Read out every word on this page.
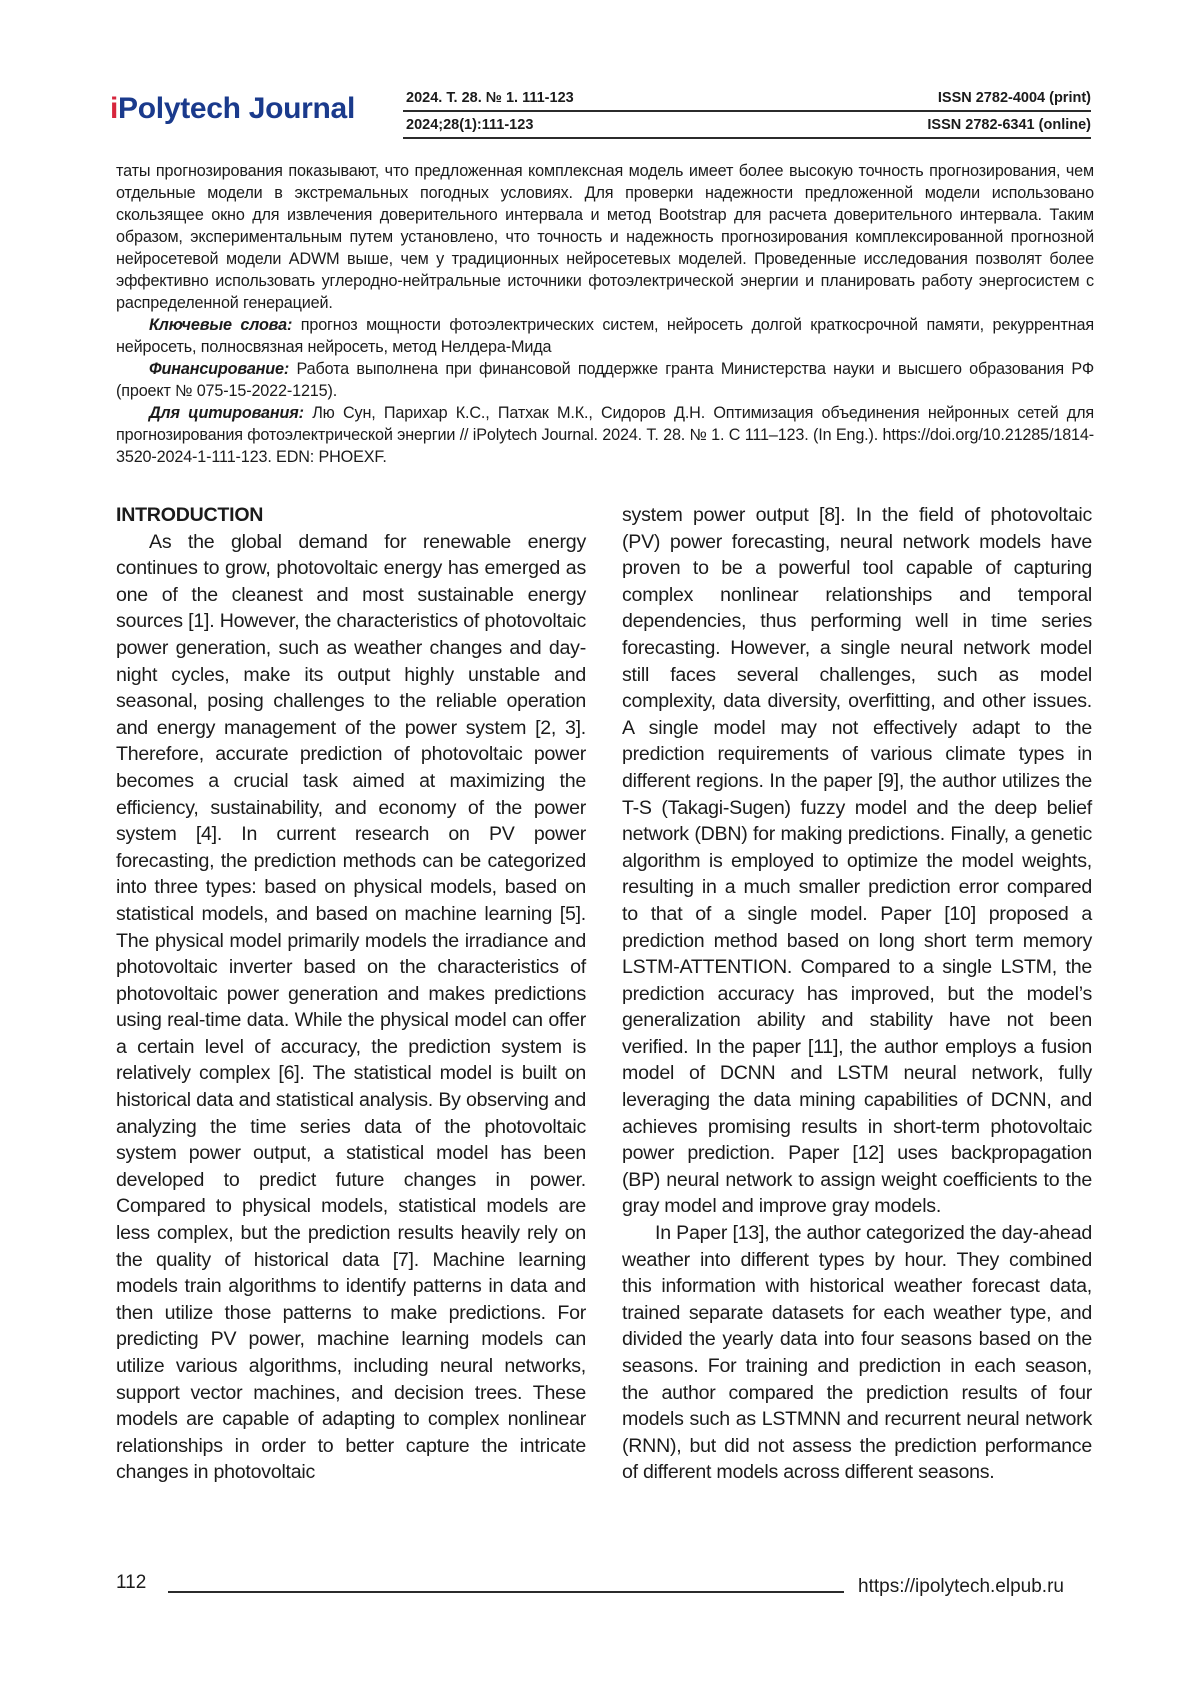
iPolytech Journal	2024. Т. 28. № 1. 111-123
2024;28(1):111-123
ISSN 2782-4004 (print)
ISSN 2782-6341 (online)

таты прогнозирования показывают, что предложенная комплексная модель имеет более высокую точность прогнозирования, чем отдельные модели в экстремальных погодных условиях. Для проверки надежности предложенной модели использовано скользящее окно для извлечения доверительного интервала и метод Bootstrap для расчета доверительного интервала. Таким образом, экспериментальным путем установлено, что точность и надежность прогнозирования комплексированной прогнозной нейросетевой модели ADWM выше, чем у традиционных нейросетевых моделей. Проведенные исследования позволят более эффективно использовать углеродно-нейтральные источники фотоэлектрической энергии и планировать работу энергосистем с распределенной генерацией.

Ключевые слова: прогноз мощности фотоэлектрических систем, нейросеть долгой краткосрочной памяти, рекуррентная нейросеть, полносвязная нейросеть, метод Нелдера-Мида

Финансирование: Работа выполнена при финансовой поддержке гранта Министерства науки и высшего образования РФ (проект № 075-15-2022-1215).

Для цитирования: Лю Сун, Парихар К.С., Патхак М.К., Сидоров Д.Н. Оптимизация объединения нейронных сетей для прогнозирования фотоэлектрической энергии // iPolytech Journal. 2024. Т. 28. № 1. С 111–123. (In Eng.). https://doi.org/10.21285/1814-3520-2024-1-111-123. EDN: PHOEXF.

INTRODUCTION

As the global demand for renewable energy continues to grow, photovoltaic energy has emerged as one of the cleanest and most sustainable energy sources [1]. However, the characteristics of photovoltaic power generation, such as weather changes and day-night cycles, make its output highly unstable and seasonal, posing challenges to the reliable operation and energy management of the power system [2, 3]. Therefore, accurate prediction of photovoltaic power becomes a crucial task aimed at maximizing the efficiency, sustainability, and economy of the power system [4]. In current research on PV power forecasting, the prediction methods can be categorized into three types: based on physical models, based on statistical models, and based on machine learning [5]. The physical model primarily models the irradiance and photovoltaic inverter based on the characteristics of photovoltaic power generation and makes predictions using real-time data. While the physical model can offer a certain level of accuracy, the prediction system is relatively complex [6]. The statistical model is built on historical data and statistical analysis. By observing and analyzing the time series data of the photovoltaic system power output, a statistical model has been developed to predict future changes in power. Compared to physical models, statistical models are less complex, but the prediction results heavily rely on the quality of historical data [7]. Machine learning models train algorithms to identify patterns in data and then utilize those patterns to make predictions. For predicting PV power, machine learning models can utilize various algorithms, including neural networks, support vector machines, and decision trees. These models are capable of adapting to complex nonlinear relationships in order to better capture the intricate changes in photovoltaic

system power output [8]. In the field of photovoltaic (PV) power forecasting, neural network models have proven to be a powerful tool capable of capturing complex nonlinear relationships and temporal dependencies, thus performing well in time series forecasting. However, a single neural network model still faces several challenges, such as model complexity, data diversity, overfitting, and other issues. A single model may not effectively adapt to the prediction requirements of various climate types in different regions. In the paper [9], the author utilizes the T-S (Takagi-Sugen) fuzzy model and the deep belief network (DBN) for making predictions. Finally, a genetic algorithm is employed to optimize the model weights, resulting in a much smaller prediction error compared to that of a single model. Paper [10] proposed a prediction method based on long short term memory LSTM-ATTENTION. Compared to a single LSTM, the prediction accuracy has improved, but the model’s generalization ability and stability have not been verified. In the paper [11], the author employs a fusion model of DCNN and LSTM neural network, fully leveraging the data mining capabilities of DCNN, and achieves promising results in short-term photovoltaic power prediction. Paper [12] uses backpropagation (BP) neural network to assign weight coefficients to the gray model and improve gray models.

In Paper [13], the author categorized the day-ahead weather into different types by hour. They combined this information with historical weather forecast data, trained separate datasets for each weather type, and divided the yearly data into four seasons based on the seasons. For training and prediction in each season, the author compared the prediction results of four models such as LSTMNN and recurrent neural network (RNN), but did not assess the prediction performance of different models across different seasons.

112	https://ipolytech.elpub.ru
